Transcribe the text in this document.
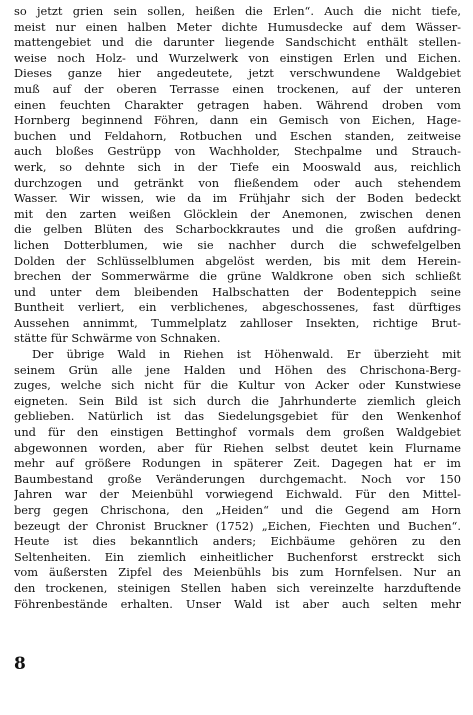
so jetzt grien sein sollen, heißen die Erlen“. Auch die nicht tiefe,
meist nur einen halben Meter dichte Humusdecke auf dem Wässer-
mattengebiet und die darunter liegende Sandschicht enthält stellen-
weise noch Holz- und Wurzelwerk von einstigen Erlen und Eichen.
Dieses ganze hier angedeutete, jetzt verschwundene Waldgebiet
muß auf der oberen Terrasse einen trockenen, auf der unteren
einen feuchten Charakter getragen haben. Während droben vom
Hornberg beginnend Föhren, dann ein Gemisch von Eichen, Hage-
buchen und Feldahorn, Rotbuchen und Eschen standen, zeitweise
auch bloßes Gestrüpp von Wachholder, Stechpalme und Strauch-
werk, so dehnte sich in der Tiefe ein Mooswald aus, reichlich
durchzogen und getränkt von fließendem oder auch stehendem
Wasser. Wir wissen, wie da im Frühjahr sich der Boden bedeckt
mit den zarten weißen Glöcklein der Anemonen, zwischen denen
die gelben Blüten des Scharbockkrautes und die großen aufdring-
lichen Dotterblumen, wie sie nachher durch die schwefelgelben
Dolden der Schlüsselblumen abgelöst werden, bis mit dem Herein-
brechen der Sommerwärme die grüne Waldkrone oben sich schließt
und unter dem bleibenden Halbschatten der Bodenteppich seine
Buntheit verliert, ein verblichenes, abgeschossenes, fast dürftiges
Aussehen annimmt, Tummelplatz zahlloser Insekten, richtige Brut-
stätte für Schwärme von Schnaken.
Der übrige Wald in Riehen ist Höhenwald. Er überzieht mit
seinem Grün alle jene Halden und Höhen des Chrischona-Berg-
zuges, welche sich nicht für die Kultur von Acker oder Kunstwiese
eigneten. Sein Bild ist sich durch die Jahrhunderte ziemlich gleich
geblieben. Natürlich ist das Siedelungsgebiet für den Wenkenhof
und für den einstigen Bettinghof vormals dem großen Waldgebiet
abgewonnen worden, aber für Riehen selbst deutet kein Flurname
mehr auf größere Rodungen in späterer Zeit. Dagegen hat er im
Baumbestand große Veränderungen durchgemacht. Noch vor 150
Jahren war der Meienbühl vorwiegend Eichwald. Für den Mittel-
berg gegen Chrischona, den „Heiden“ und die Gegend am Horn
bezeugt der Chronist Bruckner (1752) „Eichen, Fiechten und Buchen“.
Heute ist dies bekanntlich anders; Eichbäume gehören zu den
Seltenheiten. Ein ziemlich einheitlicher Buchenforst erstreckt sich
vom äußersten Zipfel des Meienbühls bis zum Hornfelsen. Nur an
den trockenen, steinigen Stellen haben sich vereinzelte harzduftende
Föhrenbestände erhalten. Unser Wald ist aber auch selten mehr
8
